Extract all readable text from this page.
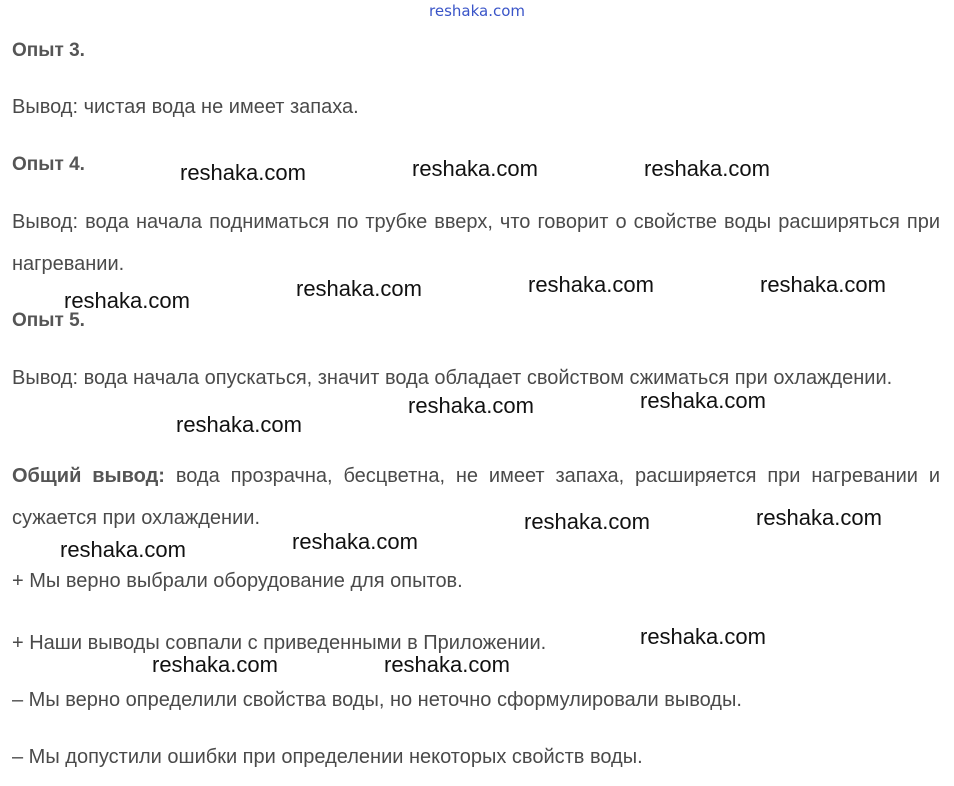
reshaka.com
Опыт 3.
Вывод: чистая вода не имеет запаха.
Опыт 4.
Вывод: вода начала подниматься по трубке вверх, что говорит о свойстве воды расширяться при нагревании.
Опыт 5.
Вывод: вода начала опускаться, значит вода обладает свойством сжиматься при охлаждении.
Общий вывод: вода прозрачна, бесцветна, не имеет запаха, расширяется при нагревании и сужается при охлаждении.
+ Мы верно выбрали оборудование для опытов.
+ Наши выводы совпали с приведенными в Приложении.
– Мы верно определили свойства воды, но неточно сформулировали выводы.
– Мы допустили ошибки при определении некоторых свойств воды.
reshaka.com	reshaka.com	reshaka.com
reshaka.com	reshaka.com	reshaka.com	reshaka.com
reshaka.com
reshaka.com	reshaka.com
reshaka.com	reshaka.com
reshaka.com	reshaka.com
reshaka.com
reshaka.com	reshaka.com
